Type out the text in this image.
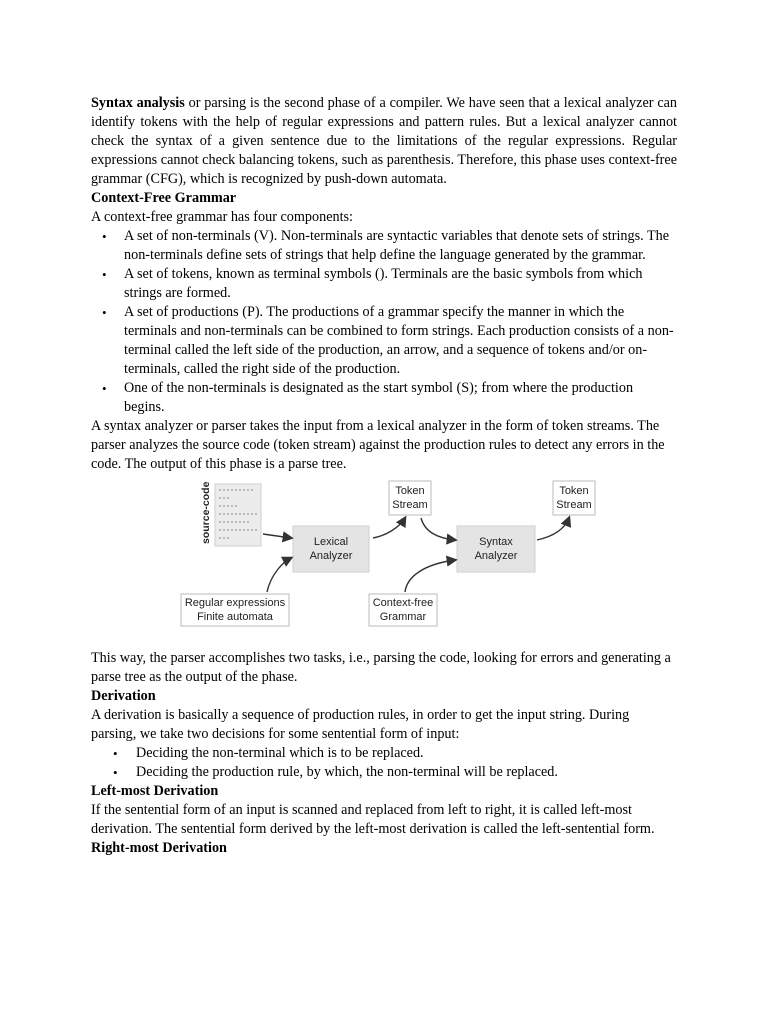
Syntax analysis or parsing is the second phase of a compiler. We have seen that a lexical analyzer can identify tokens with the help of regular expressions and pattern rules. But a lexical analyzer cannot check the syntax of a given sentence due to the limitations of the regular expressions. Regular expressions cannot check balancing tokens, such as parenthesis. Therefore, this phase uses context-free grammar (CFG), which is recognized by push-down automata.

Context-Free Grammar

A context-free grammar has four components:

• A set of non-terminals (V). Non-terminals are syntactic variables that denote sets of strings. The non-terminals define sets of strings that help define the language generated by the grammar.
• A set of tokens, known as terminal symbols (). Terminals are the basic symbols from which strings are formed.
• A set of productions (P). The productions of a grammar specify the manner in which the terminals and non-terminals can be combined to form strings. Each production consists of a non-terminal called the left side of the production, an arrow, and a sequence of tokens and/or on- terminals, called the right side of the production.
• One of the non-terminals is designated as the start symbol (S); from where the production begins.

A syntax analyzer or parser takes the input from a lexical analyzer in the form of token streams. The parser analyzes the source code (token stream) against the production rules to detect any errors in the code. The output of this phase is a parse tree.

source-code	Lexical
Analyzer
Token
Stream
Syntax
Analyzer
Token
Stream
Regular expressions
Finite automata
Context-free
Grammar

This way, the parser accomplishes two tasks, i.e., parsing the code, looking for errors and generating a parse tree as the output of the phase.

Derivation

A derivation is basically a sequence of production rules, in order to get the input string. During parsing, we take two decisions for some sentential form of input:

• Deciding the non-terminal which is to be replaced.
• Deciding the production rule, by which, the non-terminal will be replaced.
Left-most Derivation

If the sentential form of an input is scanned and replaced from left to right, it is called left-most derivation. The sentential form derived by the left-most derivation is called the left-sentential form.

Right-most Derivation
